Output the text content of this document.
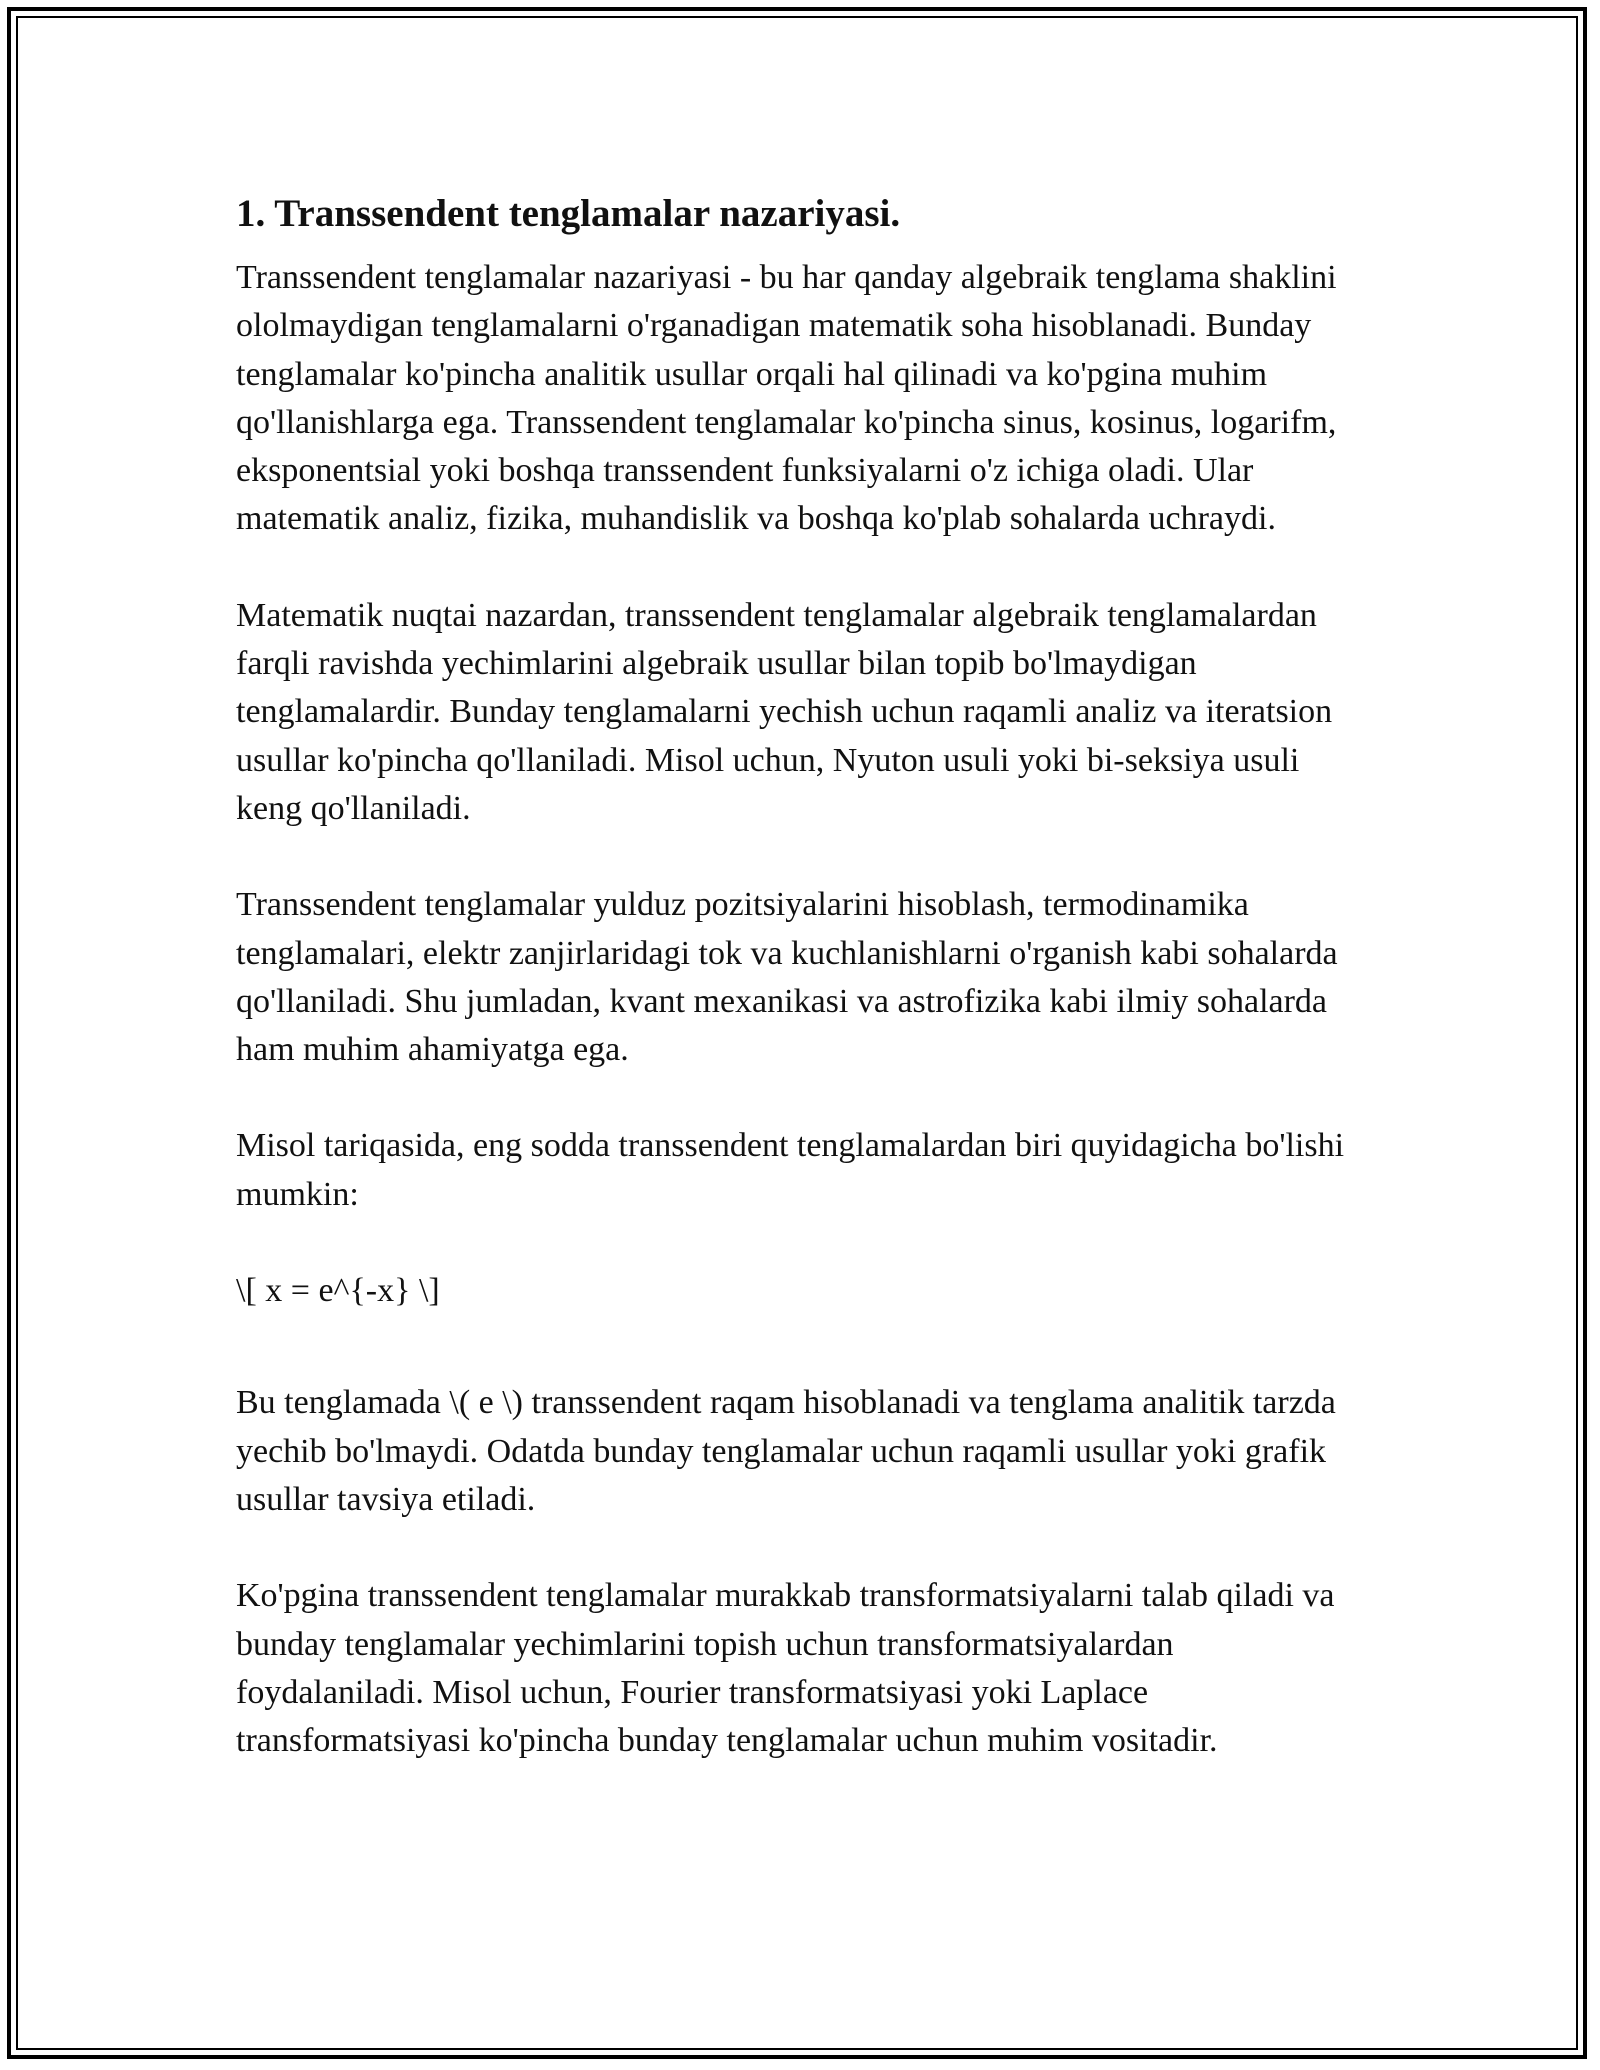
1. Transsendent tenglamalar nazariyasi.

Transsendent tenglamalar nazariyasi - bu har qanday algebraik tenglama shaklini ololmaydigan tenglamalarni o'rganadigan matematik soha hisoblanadi. Bunday tenglamalar ko'pincha analitik usullar orqali hal qilinadi va ko'pgina muhim qo'llanishlarga ega. Transsendent tenglamalar ko'pincha sinus, kosinus, logarifm, eksponentsial yoki boshqa transsendent funksiyalarni o'z ichiga oladi. Ular matematik analiz, fizika, muhandislik va boshqa ko'plab sohalarda uchraydi.

Matematik nuqtai nazardan, transsendent tenglamalar algebraik tenglamalardan farqli ravishda yechimlarini algebraik usullar bilan topib bo'lmaydigan tenglamalardir. Bunday tenglamalarni yechish uchun raqamli analiz va iteratsion usullar ko'pincha qo'llaniladi. Misol uchun, Nyuton usuli yoki bi-seksiya usuli keng qo'llaniladi.

Transsendent tenglamalar yulduz pozitsiyalarini hisoblash, termodinamika tenglamalari, elektr zanjirlaridagi tok va kuchlanishlarni o'rganish kabi sohalarda qo'llaniladi. Shu jumladan, kvant mexanikasi va astrofizika kabi ilmiy sohalarda ham muhim ahamiyatga ega.

Misol tariqasida, eng sodda transsendent tenglamalardan biri quyidagicha bo'lishi mumkin:

\[ x = e^{-x} \]

Bu tenglamada \( e \) transsendent raqam hisoblanadi va tenglama analitik tarzda yechib bo'lmaydi. Odatda bunday tenglamalar uchun raqamli usullar yoki grafik usullar tavsiya etiladi.

Ko'pgina transsendent tenglamalar murakkab transformatsiyalarni talab qiladi va bunday tenglamalar yechimlarini topish uchun transformatsiyalardan foydalaniladi. Misol uchun, Fourier transformatsiyasi yoki Laplace transformatsiyasi ko'pincha bunday tenglamalar uchun muhim vositadir.
